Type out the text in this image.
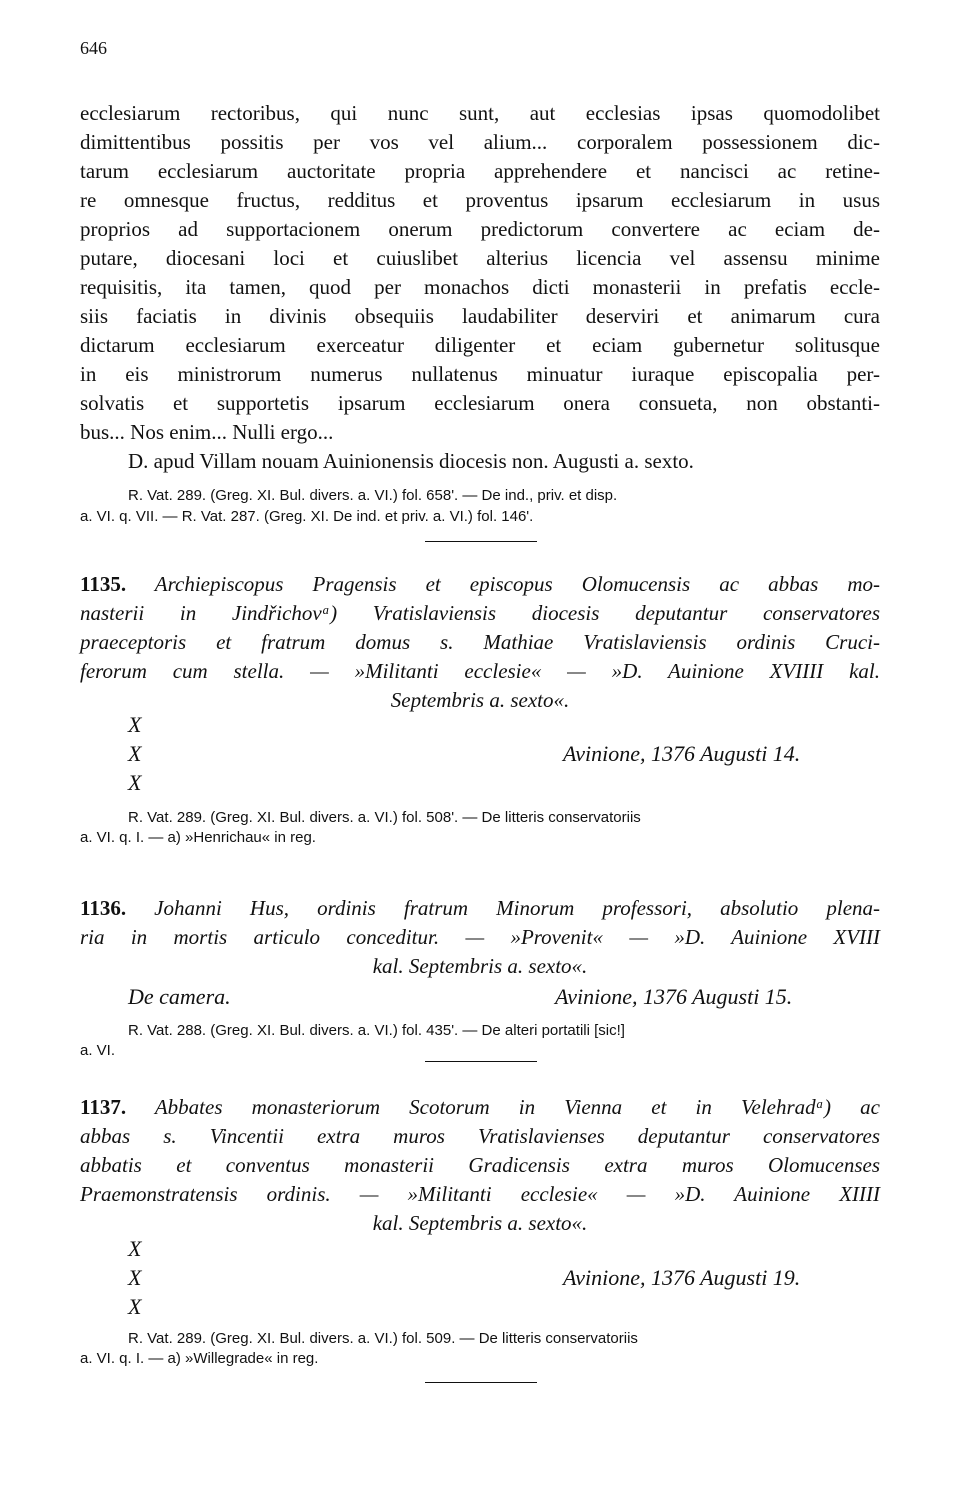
646
ecclesiarum rectoribus, qui nunc sunt, aut ecclesias ipsas quomodolibet
dimittentibus possitis per vos vel alium... corporalem possessionem dic-
tarum ecclesiarum auctoritate propria apprehendere et nancisci ac retine-
re omnesque fructus, redditus et proventus ipsarum ecclesiarum in usus
proprios ad supportacionem onerum predictorum convertere ac eciam de-
putare, diocesani loci et cuiuslibet alterius licencia vel assensu minime
requisitis, ita tamen, quod per monachos dicti monasterii in prefatis eccle-
siis faciatis in divinis obsequiis laudabiliter deserviri et animarum cura
dictarum ecclesiarum exerceatur diligenter et eciam gubernetur solitusque
in eis ministrorum numerus nullatenus minuatur iuraque episcopalia per-
solvatis et supportetis ipsarum ecclesiarum onera consueta, non obstanti-
bus... Nos enim... Nulli ergo...
D. apud Villam nouam Auinionensis diocesis non. Augusti a. sexto.
R. Vat. 289. (Greg. XI. Bul. divers. a. VI.) fol. 658'. — De ind., priv. et disp.
a. VI. q. VII. — R. Vat. 287. (Greg. XI. De ind. et priv. a. VI.) fol. 146'.
1135. Archiepiscopus Pragensis et episcopus Olomucensis ac abbas mo-
nasterii in Jindřichovᵃ) Vratislaviensis diocesis deputantur conservatores
praeceptoris et fratrum domus s. Mathiae Vratislaviensis ordinis Cruci-
ferorum cum stella. — »Militanti ecclesie« — »D. Auinione XVIIII kal.
Septembris a. sexto«.
X
X
X
Avinione, 1376 Augusti 14.
R. Vat. 289. (Greg. XI. Bul. divers. a. VI.) fol. 508'. — De litteris conservatoriis
a. VI. q. I. — a) »Henrichau« in reg.
1136. Johanni Hus, ordinis fratrum Minorum professori, absolutio plena-
ria in mortis articulo conceditur. — »Provenit« — »D. Auinione XVIII
kal. Septembris a. sexto«.
De camera.	Avinione, 1376 Augusti 15.
R. Vat. 288. (Greg. XI. Bul. divers. a. VI.) fol. 435'. — De alteri portatili [sic!]
a. VI.
1137. Abbates monasteriorum Scotorum in Vienna et in Velehradᵃ) ac
abbas s. Vincentii extra muros Vratislavienses deputantur conservatores
abbatis et conventus monasterii Gradicensis extra muros Olomucenses
Praemonstratensis ordinis. — »Militanti ecclesie« — »D. Auinione XIIII
kal. Septembris a. sexto«.
X
X
X
Avinione, 1376 Augusti 19.
R. Vat. 289. (Greg. XI. Bul. divers. a. VI.) fol. 509. — De litteris conservatoriis
a. VI. q. I. — a) »Willegrade« in reg.
